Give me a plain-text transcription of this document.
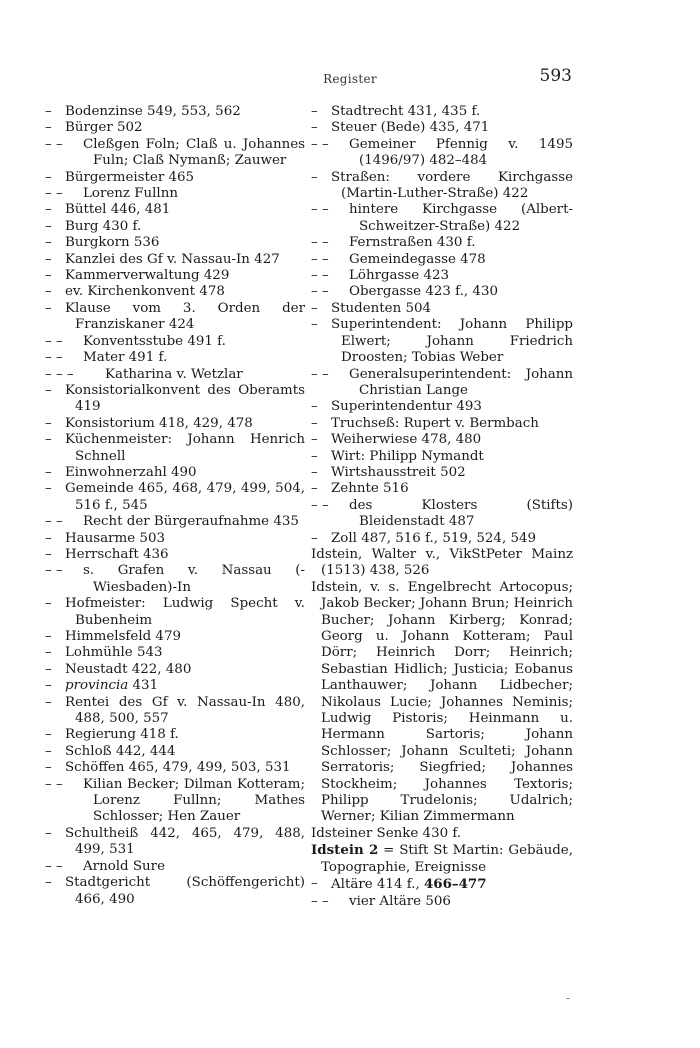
Register	593

– Bodenzinse 549, 553, 562

– Bürger 502

– –	Cleßgen Foln; Claß u. Johannes Fuln; Claß Nymanß; Zauwer

– Bürgermeister 465

– –	Lorenz Fullnn

– Büttel 446, 481

– Burg 430 f.

– Burgkorn 536

– Kanzlei des Gf v. Nassau-In 427

– Kammerverwaltung 429

– ev. Kirchenkonvent 478

– Klause vom 3. Orden der Franziskaner 424

– –	Konventsstube 491 f.

– –	Mater 491 f.

– – –	Katharina v. Wetzlar

– Konsistorialkonvent des Oberamts 419

– Konsistorium 418, 429, 478

– Küchenmeister: Johann Henrich Schnell

– Einwohnerzahl 490

– Gemeinde 465, 468, 479, 499, 504, 516 f., 545

– –	Recht der Bürgeraufnahme 435

– Hausarme 503

– Herrschaft 436

– –	s. Grafen v. Nassau (-Wiesbaden)-In

– Hofmeister: Ludwig Specht v. Bubenheim

– Himmelsfeld 479

– Lohmühle 543

– Neustadt 422, 480

– provincia 431

– Rentei des Gf v. Nassau-In 480, 488, 500, 557

– Regierung 418 f.

– Schloß 442, 444

– Schöffen 465, 479, 499, 503, 531

– –	Kilian Becker; Dilman Kotteram; Lorenz Fullnn; Mathes Schlosser; Hen Zauer

– Schultheiß 442, 465, 479, 488, 499, 531

– –	Arnold Sure

– Stadtgericht (Schöffengericht) 466, 490

– Stadtrecht 431, 435 f.

– Steuer (Bede) 435, 471

– –	Gemeiner Pfennig v. 1495 (1496/97) 482–484

– Straßen: vordere Kirchgasse (Martin-Luther-Straße) 422

– –	hintere Kirchgasse (Albert-Schweitzer-Straße) 422

– –	Fernstraßen 430 f.

– –	Gemeindegasse 478

– –	Löhrgasse 423

– –	Obergasse 423 f., 430

– Studenten 504

– Superintendent: Johann Philipp Elwert; Johann Friedrich Droosten; Tobias Weber

– –	Generalsuperintendent: Johann Christian Lange

– Superintendentur 493

– Truchseß: Rupert v. Bermbach

– Weiherwiese 478, 480

– Wirt: Philipp Nymandt

– Wirtshausstreit 502

– Zehnte 516

– –	des Klosters (Stifts) Bleidenstadt 487

– Zoll 487, 516 f., 519, 524, 549

Idstein, Walter v., VikStPeter Mainz (1513) 438, 526

Idstein, v. s. Engelbrecht Artocopus; Jakob Becker; Johann Brun; Heinrich Bucher; Johann Kirberg; Konrad; Georg u. Johann Kotteram; Paul Dörr; Heinrich Dorr; Heinrich; Sebastian Hidlich; Justicia; Eobanus Lanthauwer; Johann Lidbecher; Nikolaus Lucie; Johannes Neminis; Ludwig Pistoris; Heinmann u. Hermann Sartoris; Johann Schlosser; Johann Sculteti; Johann Serratoris; Siegfried; Johannes Stockheim; Johannes Textoris; Philipp Trudelonis; Udalrich; Werner; Kilian Zimmermann

Idsteiner Senke 430 f.

Idstein 2 = Stift St Martin: Gebäude, Topographie, Ereignisse

– Altäre 414 f., 466–477

– –	vier Altäre 506
